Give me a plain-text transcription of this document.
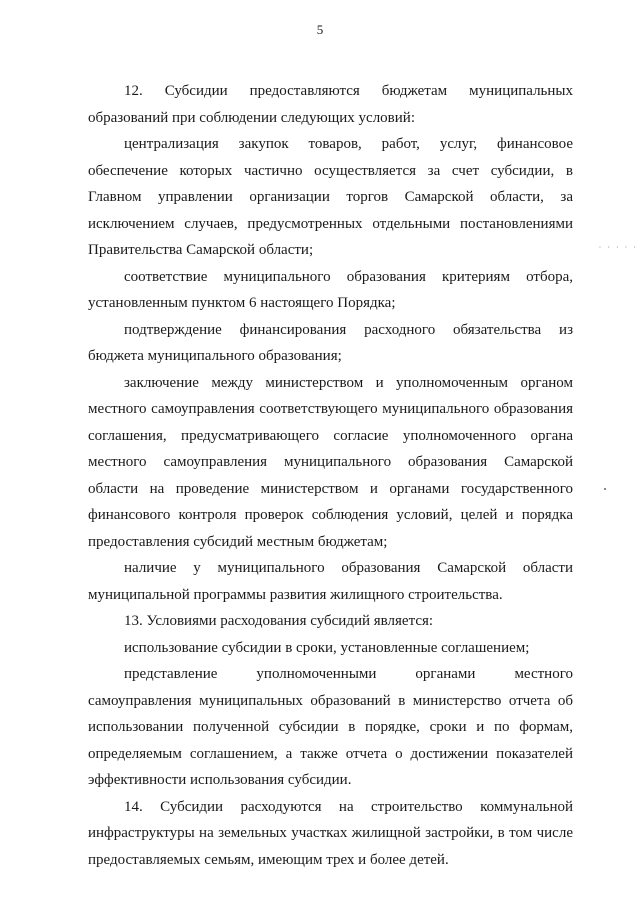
5

12. Субсидии предоставляются бюджетам муниципальных образований при соблюдении следующих условий:

централизация закупок товаров, работ, услуг, финансовое обеспечение которых частично осуществляется за счет субсидии, в Главном управлении организации торгов Самарской области, за исключением случаев, предусмотренных отдельными постановлениями Правительства Самарской области;

соответствие муниципального образования критериям отбора, установленным пунктом 6 настоящего Порядка;

подтверждение финансирования расходного обязательства из бюджета муниципального образования;

заключение между министерством и уполномоченным органом местного самоуправления соответствующего муниципального образования соглашения, предусматривающего согласие уполномоченного органа местного самоуправления муниципального образования Самарской области на проведение министерством и органами государственного финансового контроля проверок соблюдения условий, целей и порядка предоставления субсидий местным бюджетам;

наличие у муниципального образования Самарской области муниципальной программы развития жилищного строительства.

13. Условиями расходования субсидий является:

использование субсидии в сроки, установленные соглашением;

представление уполномоченными органами местного самоуправления муниципальных образований в министерство отчета об использовании полученной субсидии в порядке, сроки и по формам, определяемым соглашением, а также отчета о достижении показателей эффективности использования субсидии.

14. Субсидии расходуются на строительство коммунальной инфраструктуры на земельных участках жилищной застройки, в том числе предоставляемых семьям, имеющим трех и более детей.

· · · · ·
